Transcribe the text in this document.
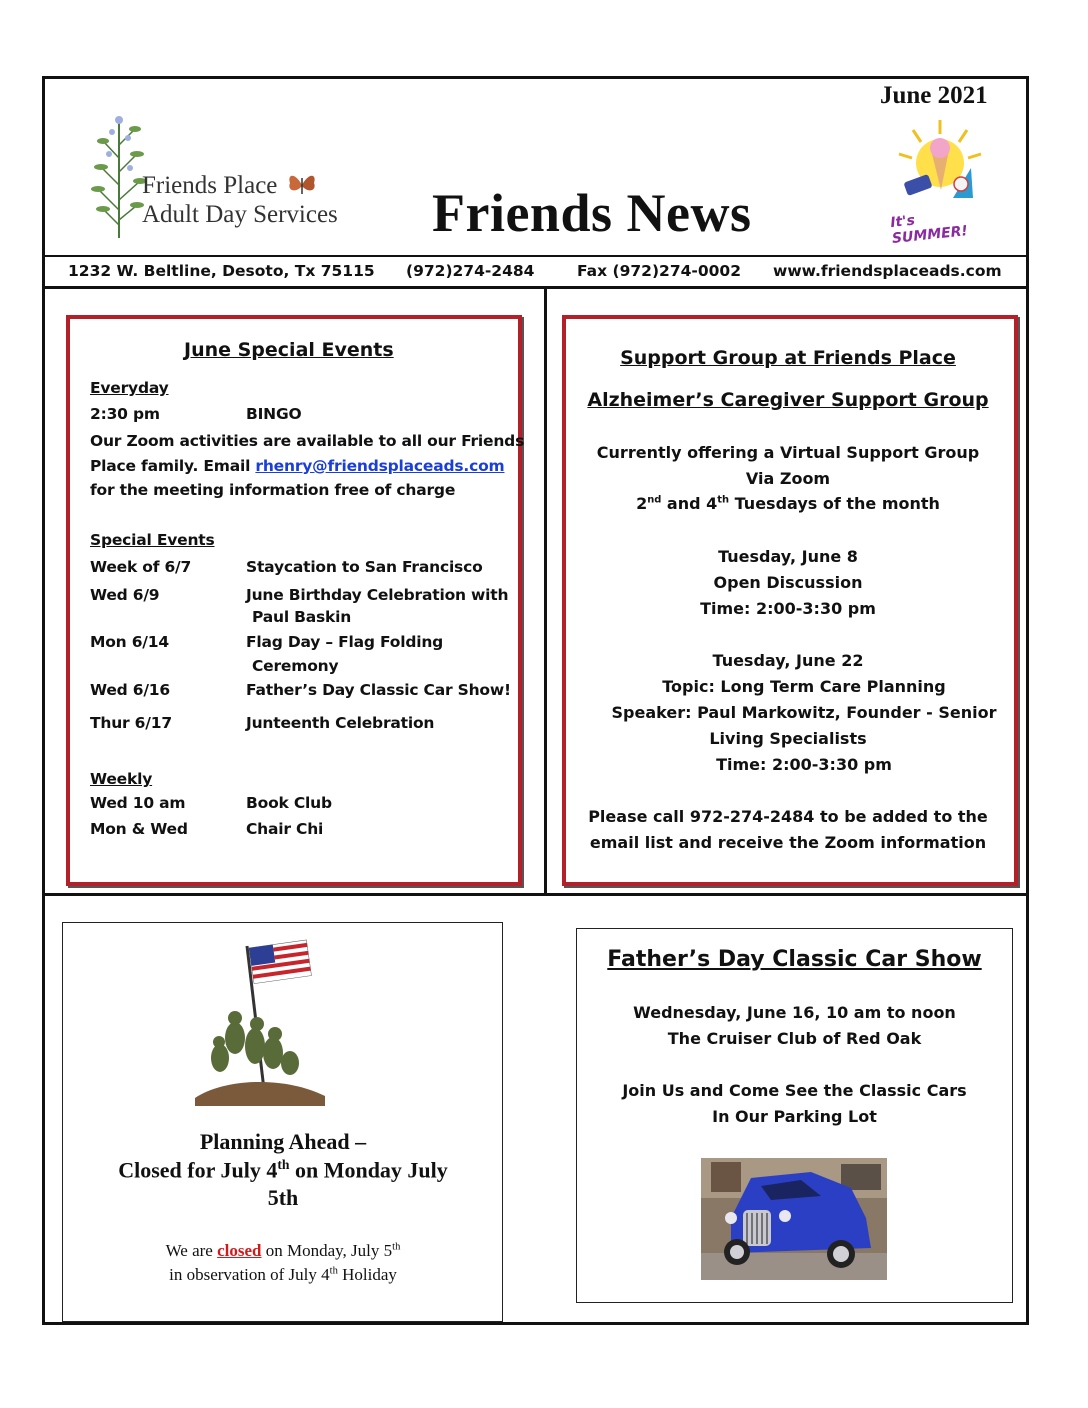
June 2021
Friends Place
Adult Day Services Friends News	It's SUMMER!
1232 W. Beltline, Desoto, Tx 75115 (972)274-2484	Fax (972)274-0002 www.friendsplaceads.com
June Special Events
Everyday
2:30 pm	BINGO
Our Zoom activities are available to all our Friends
Place family. Email rhenry@friendsplaceads.com
for the meeting information free of charge
Special Events
Week of 6/7	Staycation to San Francisco
Wed 6/9	June Birthday Celebration with
Paul Baskin
Mon 6/14	Flag Day – Flag Folding
Ceremony
Wed 6/16	Father’s Day Classic Car Show!
Thur 6/17	Junteenth Celebration
Weekly
Wed 10 am	Book Club
Mon & Wed	Chair Chi
Support Group at Friends Place
Alzheimer’s Caregiver Support Group
Currently offering a Virtual Support Group
Via Zoom
2nd and 4th Tuesdays of the month
Tuesday, June 8
Open Discussion
Time: 2:00-3:30 pm
Tuesday, June 22
Topic: Long Term Care Planning
Speaker: Paul Markowitz, Founder - Senior
Living Specialists
Time: 2:00-3:30 pm
Please call 972-274-2484 to be added to the
email list and receive the Zoom information
Planning Ahead –
Closed for July 4th on Monday July
5th
We are closed on Monday, July 5th
in observation of July 4th Holiday
Father’s Day Classic Car Show
Wednesday, June 16, 10 am to noon
The Cruiser Club of Red Oak
Join Us and Come See the Classic Cars
In Our Parking Lot
